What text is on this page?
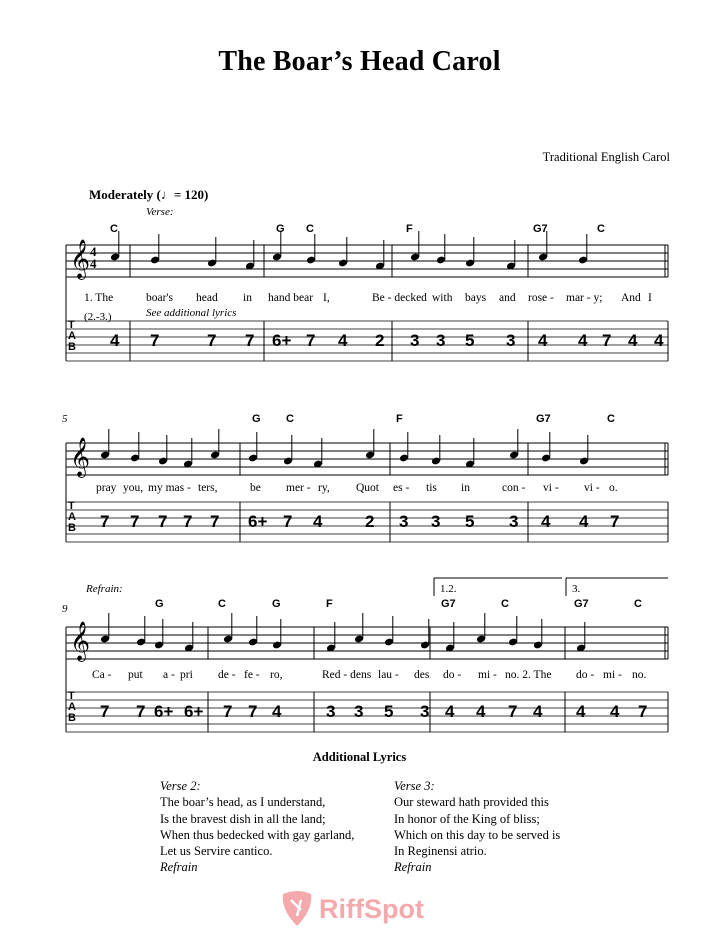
The Boar’s Head Carol
Traditional English Carol
Moderately (♩= 120)
𝄞
T
A
B
C	G C	F	G7	C
1. The	boar's head in hand bear I,	Be - decked with bays and rose - mar - y; And I
4 7	7 7 6+ 7 4 2 3 3 5 3 4 4 7 4 4
𝄞
T
A
B
G C	F	G7	C
pray you, my mas - ters,	be mer - ry, Quot es - tis in	con - vi - vi - o.
7 7 7 7 7 6+ 7 4	2 3 3 5 3 4 4 7
𝄞
T
A
B
G	C	G	F	G7	C	G7	C
Ca - put a - pri de - fe - ro,	Red - dens lau - des do - mi - no. 2. The do - mi - no.
7 7 6+ 6+ 7 7 4	3 3 5 3 4 4 7 4 4 4 7
(2.-3.)	See additional lyrics
Verse:
Refrain:
5
9
1.2.	3.
4
4
Additional Lyrics
Verse 2:
The boar’s head, as I understand,
Is the bravest dish in all the land;
When thus bedecked with gay garland,
Let us Servire cantico.
Refrain
Verse 3:
Our steward hath provided this
In honor of the King of bliss;
Which on this day to be served is
In Reginensi atrio.
Refrain
RiffSpot
